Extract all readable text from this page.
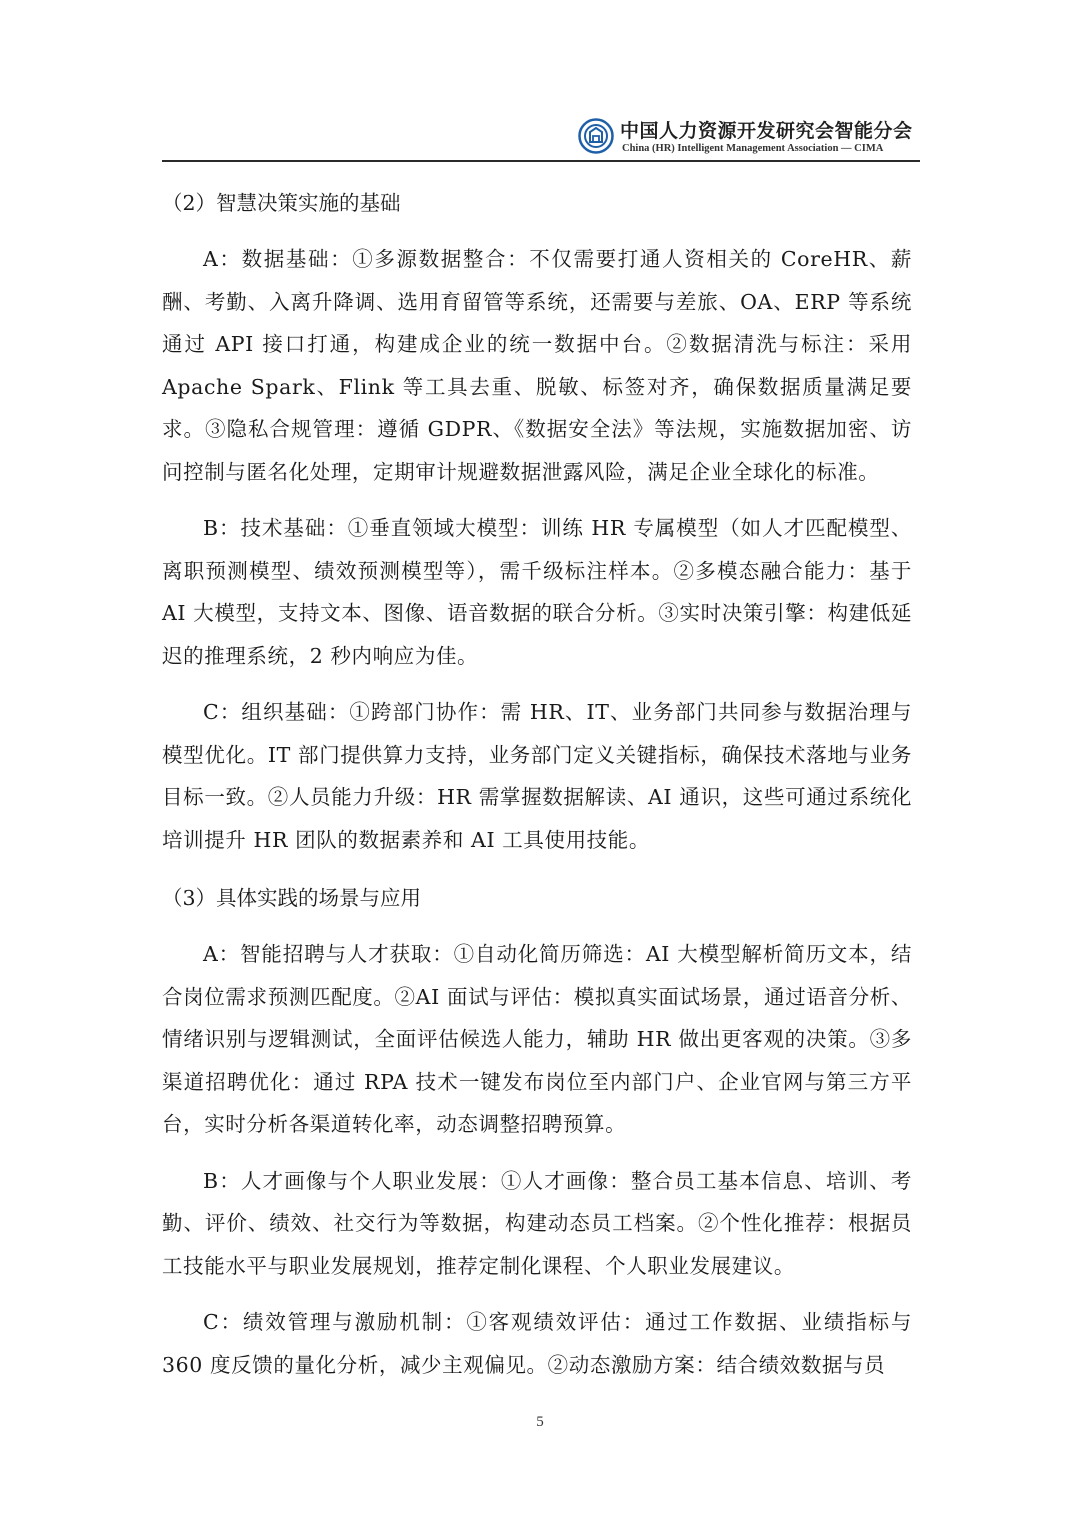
中国人力资源开发研究会智能分会
China (HR) Intelligent Management Association — CIMA
（2）智慧决策实施的基础

A：数据基础：①多源数据整合：不仅需要打通人资相关的 CoreHR、薪酬、考勤、入离升降调、选用育留管等系统，还需要与差旅、OA、ERP 等系统通过 API 接口打通，构建成企业的统一数据中台。②数据清洗与标注：采用 Apache Spark、Flink 等工具去重、脱敏、标签对齐，确保数据质量满足要求。③隐私合规管理：遵循 GDPR、《数据安全法》等法规，实施数据加密、访问控制与匿名化处理，定期审计规避数据泄露风险，满足企业全球化的标准。

B：技术基础：①垂直领域大模型：训练 HR 专属模型（如人才匹配模型、离职预测模型、绩效预测模型等），需千级标注样本。②多模态融合能力：基于 AI 大模型，支持文本、图像、语音数据的联合分析。③实时决策引擎：构建低延迟的推理系统，2 秒内响应为佳。

C：组织基础：①跨部门协作：需 HR、IT、业务部门共同参与数据治理与模型优化。IT 部门提供算力支持，业务部门定义关键指标，确保技术落地与业务目标一致。②人员能力升级：HR 需掌握数据解读、AI 通识，这些可通过系统化培训提升 HR 团队的数据素养和 AI 工具使用技能。

（3）具体实践的场景与应用

A：智能招聘与人才获取：①自动化简历筛选：AI 大模型解析简历文本，结合岗位需求预测匹配度。②AI 面试与评估：模拟真实面试场景，通过语音分析、情绪识别与逻辑测试，全面评估候选人能力，辅助 HR 做出更客观的决策。③多渠道招聘优化：通过 RPA 技术一键发布岗位至内部门户、企业官网与第三方平台，实时分析各渠道转化率，动态调整招聘预算。

B：人才画像与个人职业发展：①人才画像：整合员工基本信息、培训、考勤、评价、绩效、社交行为等数据，构建动态员工档案。②个性化推荐：根据员工技能水平与职业发展规划，推荐定制化课程、个人职业发展建议。

C：绩效管理与激励机制：①客观绩效评估：通过工作数据、业绩指标与 360 度反馈的量化分析，减少主观偏见。②动态激励方案：结合绩效数据与员

5
